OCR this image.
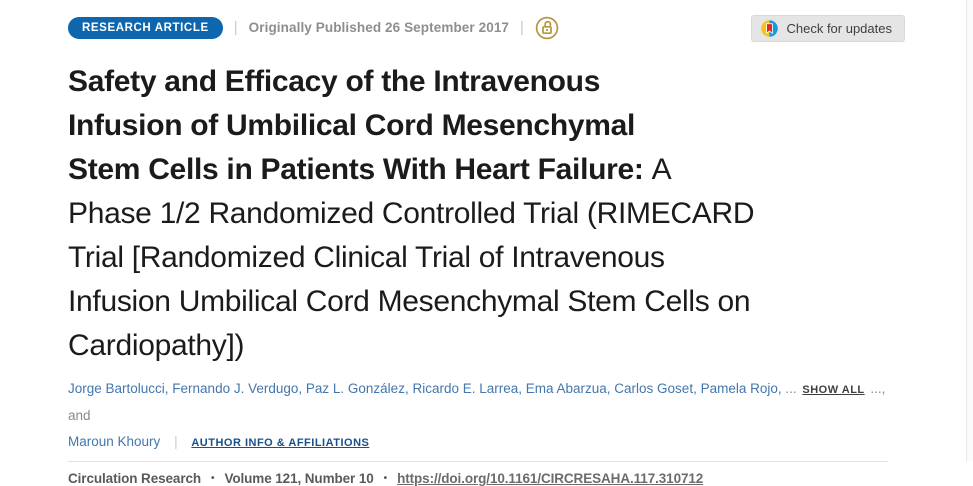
RESEARCH ARTICLE	| Originally Published 26 September 2017 |	Check for updates
Safety and Efficacy of the Intravenous
Infusion of Umbilical Cord Mesenchymal
Stem Cells in Patients With Heart Failure: A
Phase 1/2 Randomized Controlled Trial (RIMECARD
Trial [Randomized Clinical Trial of Intravenous
Infusion Umbilical Cord Mesenchymal Stem Cells on
Cardiopathy])
Jorge Bartolucci, Fernando J. Verdugo, Paz L. González, Ricardo E. Larrea, Ema Abarzua, Carlos Goset, Pamela Rojo, ... SHOW ALL ..., and
Maroun Khoury | AUTHOR INFO & AFFILIATIONS
Circulation Research • Volume 121, Number 10 • https://doi.org/10.1161/CIRCRESAHA.117.310712
